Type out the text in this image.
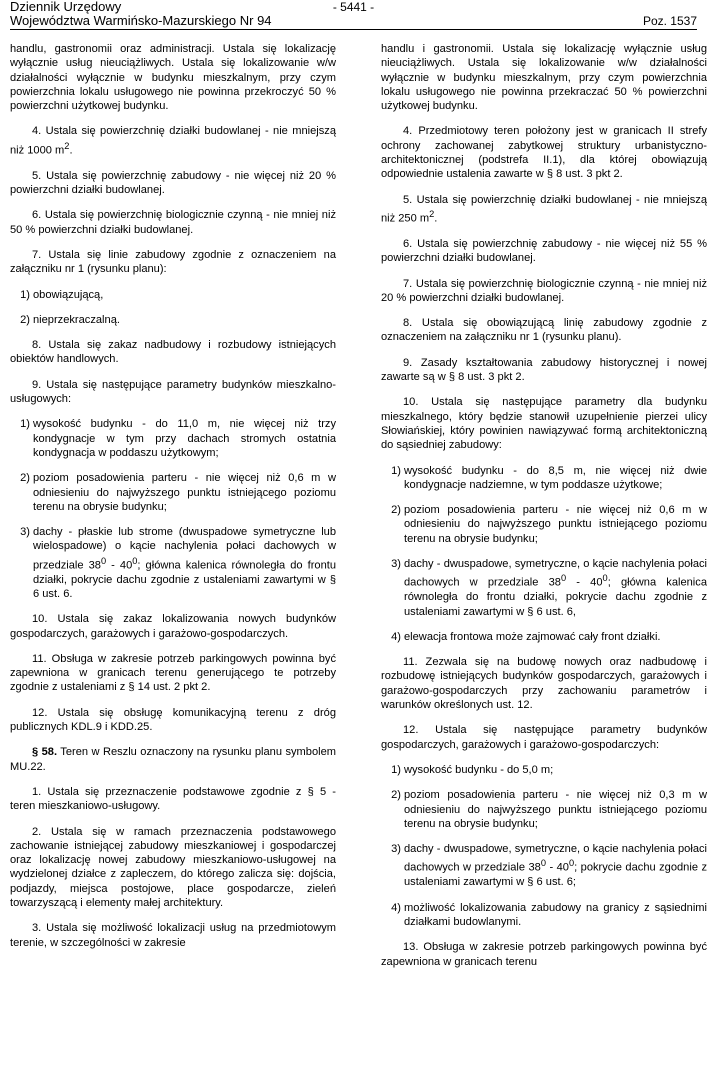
Dziennik Urzędowy
Województwa Warmińsko-Mazurskiego Nr 94
- 5441 -
Poz. 1537

handlu, gastronomii oraz administracji. Ustala się lokalizację wyłącznie usług nieuciążliwych. Ustala się lokalizowanie w/w działalności wyłącznie w budynku mieszkalnym, przy czym powierzchnia lokalu usługowego nie powinna przekroczyć 50 % powierzchni użytkowej budynku.

4. Ustala się powierzchnię działki budowlanej - nie mniejszą niż 1000 $m^2$.

5. Ustala się powierzchnię zabudowy - nie więcej niż 20 % powierzchni działki budowlanej.

6. Ustala się powierzchnię biologicznie czynną - nie mniej niż 50 % powierzchni działki budowlanej.

7. Ustala się linie zabudowy zgodnie z oznaczeniem na załączniku nr 1 (rysunku planu):

1) obowiązującą,
2) nieprzekraczalną.

8. Ustala się zakaz nadbudowy i rozbudowy istniejących obiektów handlowych.

9. Ustala się następujące parametry budynków mieszkalno-usługowych:

1) wysokość budynku - do 11,0 m, nie więcej niż trzy kondygnacje w tym przy dachach stromych ostatnia kondygnacja w poddaszu użytkowym;
2) poziom posadowienia parteru - nie więcej niż 0,6 m w odniesieniu do najwyższego punktu istniejącego poziomu terenu na obrysie budynku;
3) dachy - płaskie lub strome (dwuspadowe symetryczne lub wielospadowe) o kącie nachylenia połaci dachowych w przedziale $38^0 - 40^0$; główna kalenica równoległa do frontu działki, pokrycie dachu zgodnie z ustaleniami zawartymi w § 6 ust. 6.

10. Ustala się zakaz lokalizowania nowych budynków gospodarczych, garażowych i garażowo-gospodarczych.

11. Obsługa w zakresie potrzeb parkingowych powinna być zapewniona w granicach terenu generującego te potrzeby zgodnie z ustaleniami z § 14 ust. 2 pkt 2.

12. Ustala się obsługę komunikacyjną terenu z dróg publicznych KDL.9 i KDD.25.

§ 58. Teren w Reszlu oznaczony na rysunku planu symbolem MU.22.

1. Ustala się przeznaczenie podstawowe zgodnie z § 5 - teren mieszkaniowo-usługowy.

2. Ustala się w ramach przeznaczenia podstawowego zachowanie istniejącej zabudowy mieszkaniowej i gospodarczej oraz lokalizację nowej zabudowy mieszkaniowo-usługowej na wydzielonej działce z zapleczem, do którego zalicza się: dojścia, podjazdy, miejsca postojowe, place gospodarcze, zieleń towarzyszącą i elementy małej architektury.

3. Ustala się możliwość lokalizacji usług na przedmiotowym terenie, w szczególności w zakresie

handlu i gastronomii. Ustala się lokalizację wyłącznie usług nieuciążliwych. Ustala się lokalizowanie w/w działalności wyłącznie w budynku mieszkalnym, przy czym powierzchnia lokalu usługowego nie powinna przekraczać 50 % powierzchni użytkowej budynku.

4. Przedmiotowy teren położony jest w granicach II strefy ochrony zachowanej zabytkowej struktury urbanistyczno-architektonicznej (podstrefa II.1), dla której obowiązują odpowiednie ustalenia zawarte w § 8 ust. 3 pkt 2.

5. Ustala się powierzchnię działki budowlanej - nie mniejszą niż 250 $m^2$.

6. Ustala się powierzchnię zabudowy - nie więcej niż 55 % powierzchni działki budowlanej.

7. Ustala się powierzchnię biologicznie czynną - nie mniej niż 20 % powierzchni działki budowlanej.

8. Ustala się obowiązującą linię zabudowy zgodnie z oznaczeniem na załączniku nr 1 (rysunku planu).

9. Zasady kształtowania zabudowy historycznej i nowej zawarte są w § 8 ust. 3 pkt 2.

10. Ustala się następujące parametry dla budynku mieszkalnego, który będzie stanowił uzupełnienie pierzei ulicy Słowiańskiej, który powinien nawiązywać formą architektoniczną do sąsiedniej zabudowy:

1) wysokość budynku - do 8,5 m, nie więcej niż dwie kondygnacje nadziemne, w tym poddasze użytkowe;
2) poziom posadowienia parteru - nie więcej niż 0,6 m w odniesieniu do najwyższego punktu istniejącego poziomu terenu na obrysie budynku;
3) dachy - dwuspadowe, symetryczne, o kącie nachylenia połaci dachowych w przedziale $38^0 - 40^0$; główna kalenica równoległa do frontu działki, pokrycie dachu zgodnie z ustaleniami zawartymi w § 6 ust. 6,
4) elewacja frontowa może zajmować cały front działki.

11. Zezwala się na budowę nowych oraz nadbudowę i rozbudowę istniejących budynków gospodarczych, garażowych i garażowo-gospodarczych przy zachowaniu parametrów i warunków określonych ust. 12.

12. Ustala się następujące parametry budynków gospodarczych, garażowych i garażowo-gospodarczych:

1) wysokość budynku - do 5,0 m;
2) poziom posadowienia parteru - nie więcej niż 0,3 m w odniesieniu do najwyższego punktu istniejącego poziomu terenu na obrysie budynku;
3) dachy - dwuspadowe, symetryczne, o kącie nachylenia połaci dachowych w przedziale $38^0 - 40^0$; pokrycie dachu zgodnie z ustaleniami zawartymi w § 6 ust. 6;
4) możliwość lokalizowania zabudowy na granicy z sąsiednimi działkami budowlanymi.

13. Obsługa w zakresie potrzeb parkingowych powinna być zapewniona w granicach terenu
